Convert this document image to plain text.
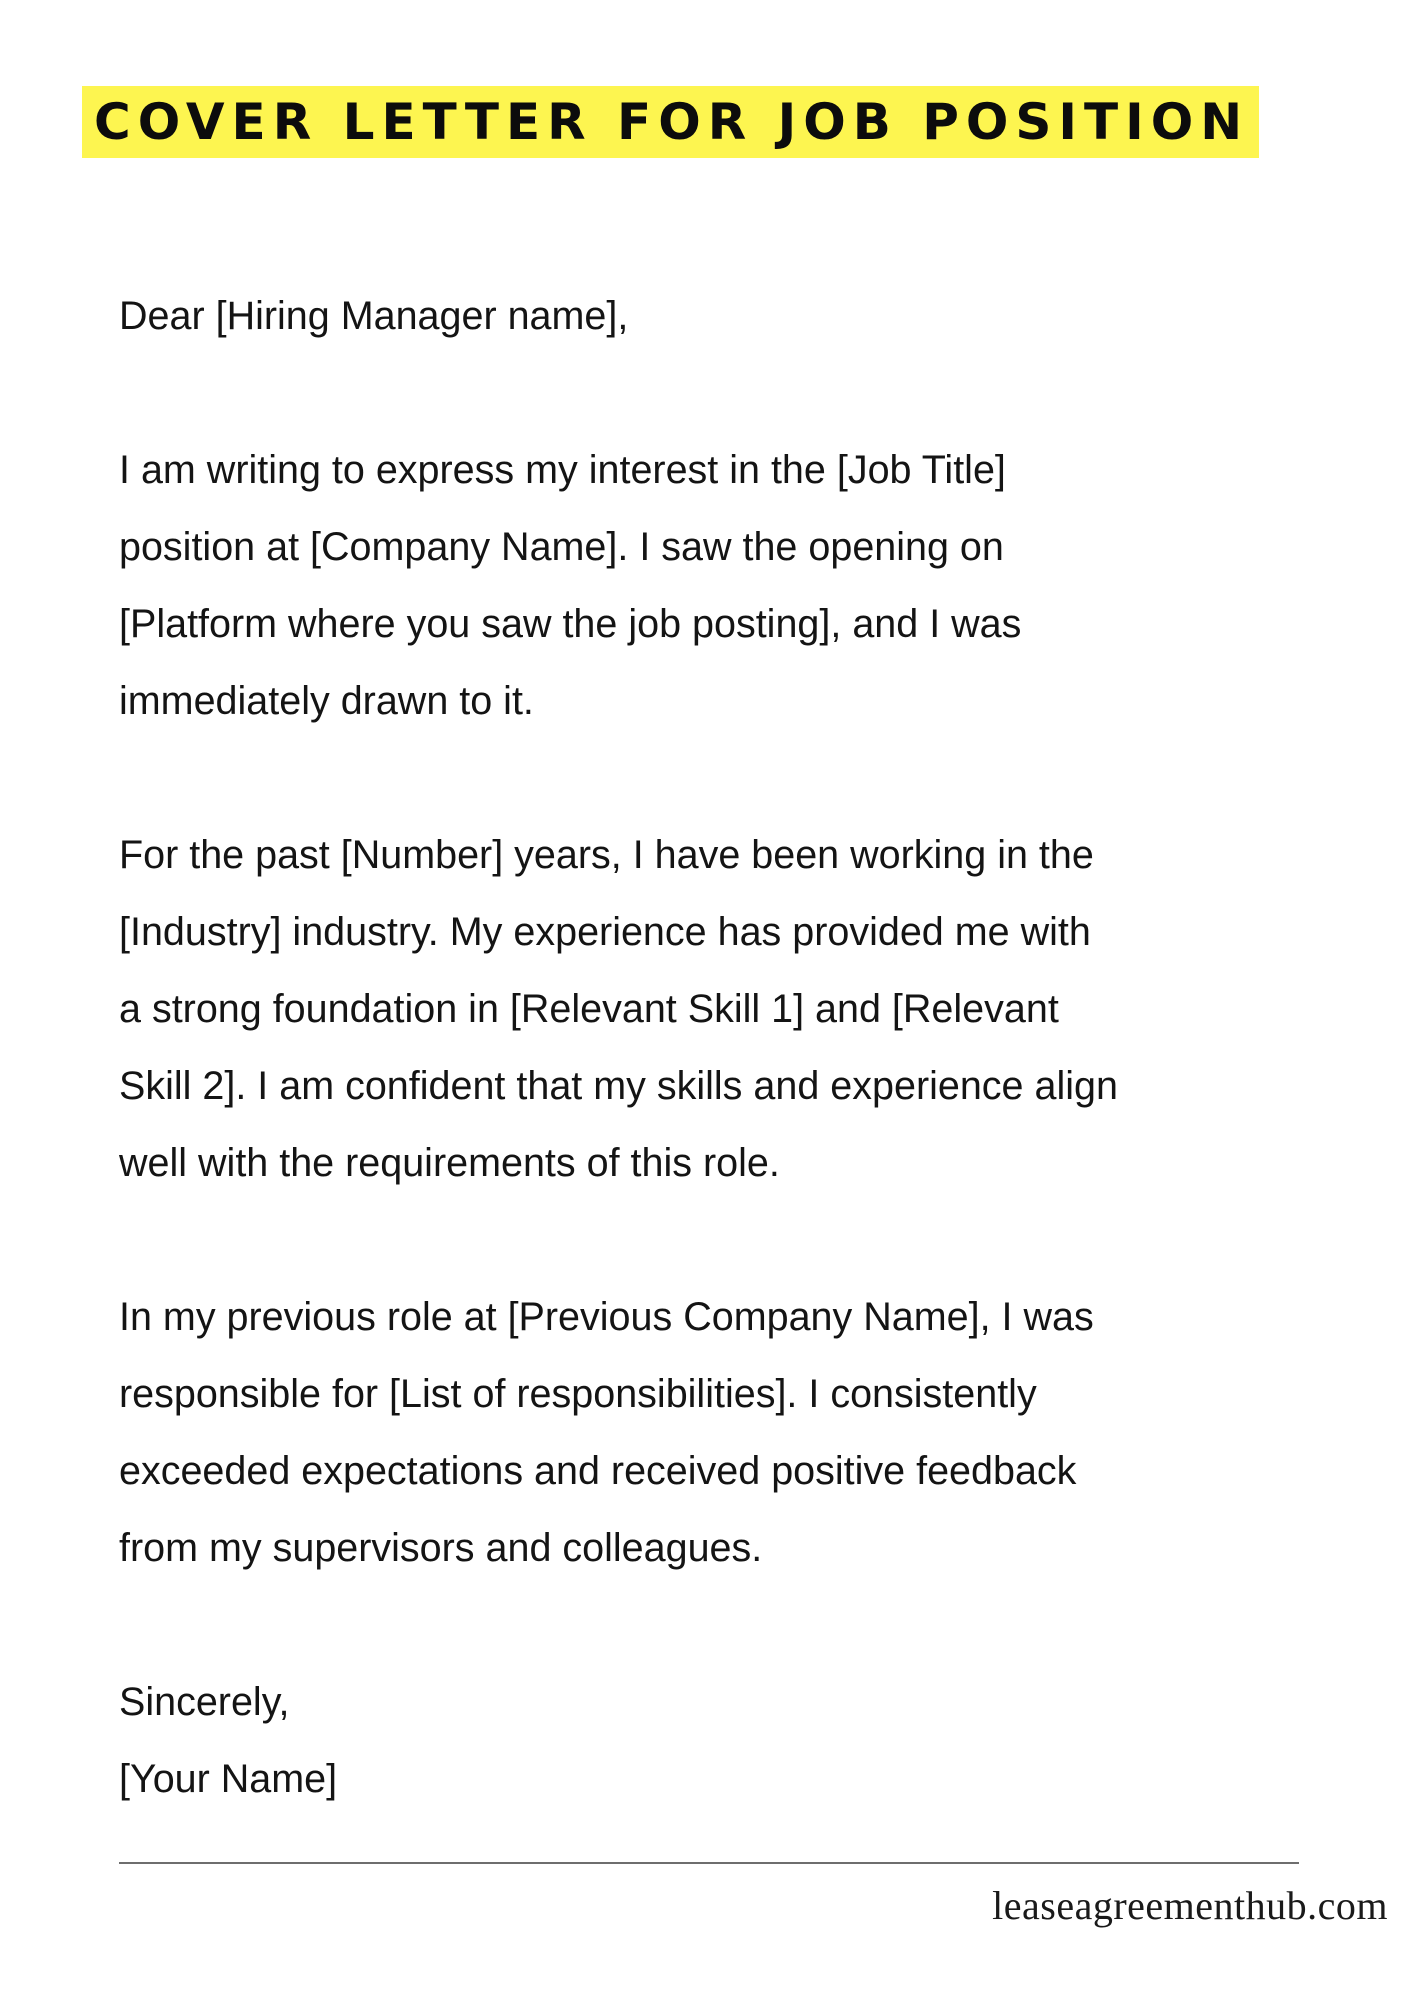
COVER LETTER FOR JOB POSITION
Dear [Hiring Manager name],
I am writing to express my interest in the [Job Title]
position at [Company Name]. I saw the opening on
[Platform where you saw the job posting], and I was
immediately drawn to it.
For the past [Number] years, I have been working in the
[Industry] industry. My experience has provided me with
a strong foundation in [Relevant Skill 1] and [Relevant
Skill 2]. I am confident that my skills and experience align
well with the requirements of this role.
In my previous role at [Previous Company Name], I was
responsible for [List of responsibilities]. I consistently
exceeded expectations and received positive feedback
from my supervisors and colleagues.
Sincerely,
[Your Name]
leaseagreementhub.com
